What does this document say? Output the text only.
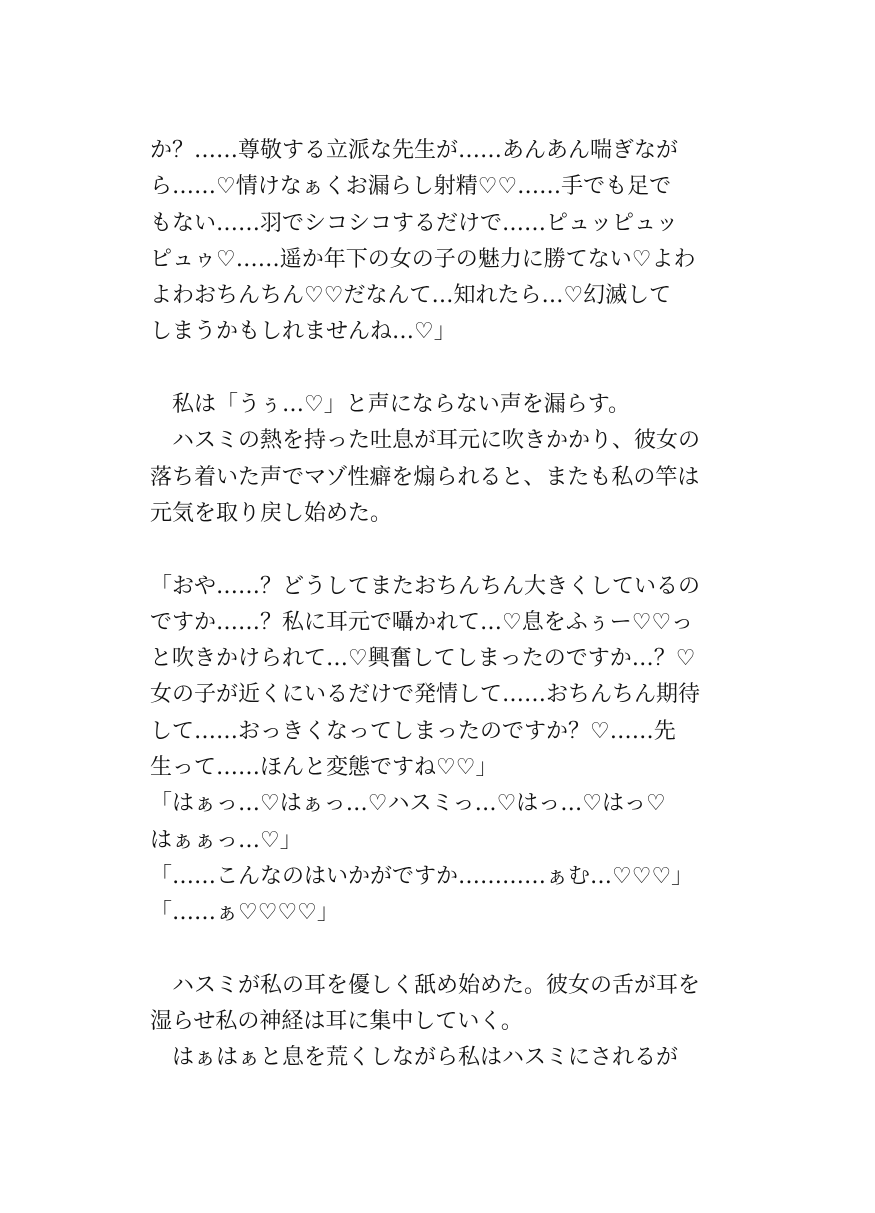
か？……尊敬する立派な先生が……あんあん喘ぎなが
ら……♡情けなぁくお漏らし射精♡♡……手でも足で
もない……羽でシコシコするだけで……ピュッピュッ
ピュゥ♡……遥か年下の女の子の魅力に勝てない♡よわ
よわおちんちん♡♡だなんて…知れたら…♡幻滅して
しまうかもしれませんね…♡」
　私は「うぅ…♡」と声にならない声を漏らす。
　ハスミの熱を持った吐息が耳元に吹きかかり、彼女の
落ち着いた声でマゾ性癖を煽られると、またも私の竿は
元気を取り戻し始めた。
「おや……？どうしてまたおちんちん大きくしているの
ですか……？私に耳元で囁かれて…♡息をふぅー♡♡っ
と吹きかけられて…♡興奮してしまったのですか…？♡
女の子が近くにいるだけで発情して……おちんちん期待
して……おっきくなってしまったのですか？♡……先
生って……ほんと変態ですね♡♡」
「はぁっ…♡はぁっ…♡ハスミっ…♡はっ…♡はっ♡
はぁぁっ…♡」
「……こんなのはいかがですか…………ぁむ…♡♡♡」
「……ぁ♡♡♡♡」
　ハスミが私の耳を優しく舐め始めた。彼女の舌が耳を
湿らせ私の神経は耳に集中していく。
　はぁはぁと息を荒くしながら私はハスミにされるが
